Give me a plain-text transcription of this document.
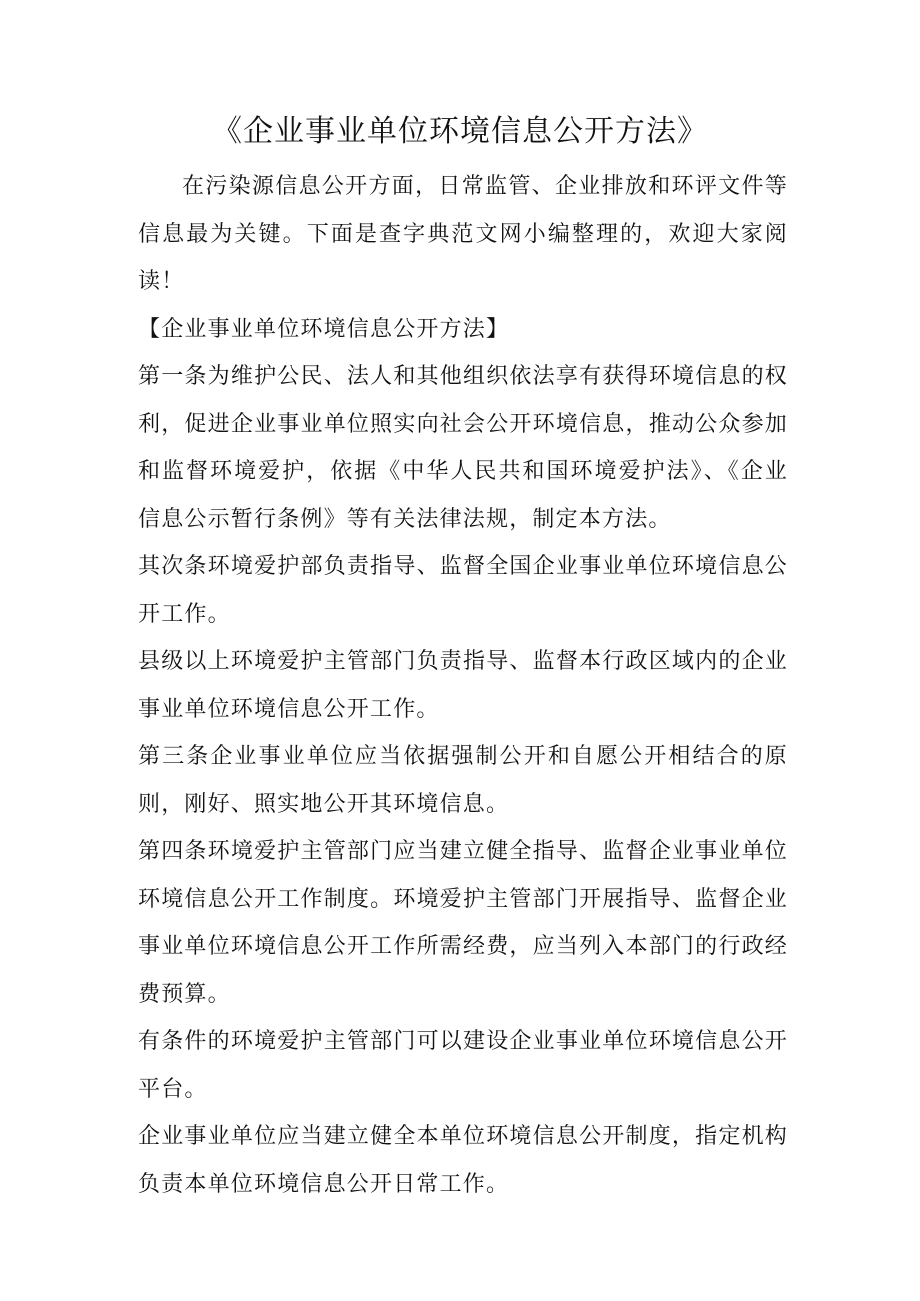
《企业事业单位环境信息公开方法》

在污染源信息公开方面，日常监管、企业排放和环评文件等信息最为关键。下面是查字典范文网小编整理的，欢迎大家阅读！

【企业事业单位环境信息公开方法】

第一条为维护公民、法人和其他组织依法享有获得环境信息的权利，促进企业事业单位照实向社会公开环境信息，推动公众参加和监督环境爱护，依据《中华人民共和国环境爱护法》、《企业信息公示暂行条例》等有关法律法规，制定本方法。

其次条环境爱护部负责指导、监督全国企业事业单位环境信息公开工作。

县级以上环境爱护主管部门负责指导、监督本行政区域内的企业事业单位环境信息公开工作。

第三条企业事业单位应当依据强制公开和自愿公开相结合的原则，刚好、照实地公开其环境信息。

第四条环境爱护主管部门应当建立健全指导、监督企业事业单位环境信息公开工作制度。环境爱护主管部门开展指导、监督企业事业单位环境信息公开工作所需经费，应当列入本部门的行政经费预算。

有条件的环境爱护主管部门可以建设企业事业单位环境信息公开平台。

企业事业单位应当建立健全本单位环境信息公开制度，指定机构负责本单位环境信息公开日常工作。
